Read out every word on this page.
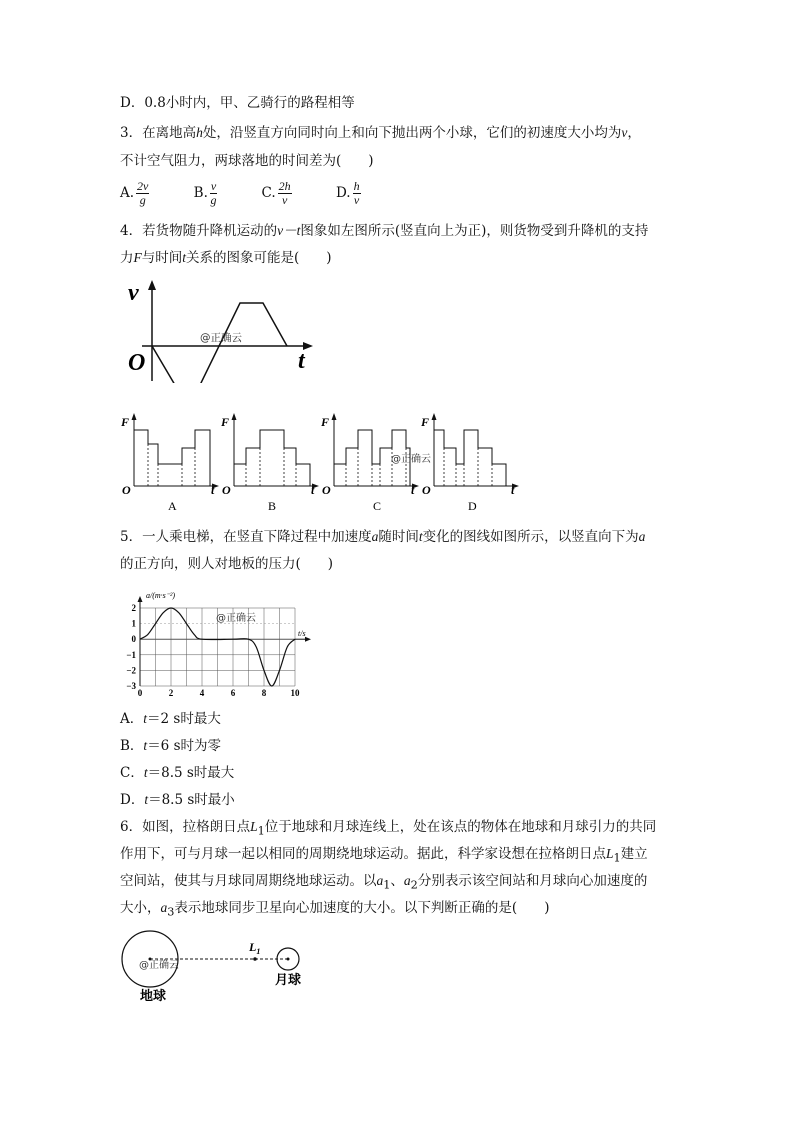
D．0.8小时内，甲、乙骑行的路程相等
3．在离地高h处，沿竖直方向同时向上和向下抛出两个小球，它们的初速度大小均为v，
不计空气阻力，两球落地的时间差为(　　)
A. $\frac{2v}{g}$	B. $\frac{v}{g}$	C. $\frac{2h}{v}$	D. $\frac{h}{v}$
4．若货物随升降机运动的v－t图象如左图所示(竖直向上为正)，则货物受到升降机的支持
力F与时间t关系的图象可能是(　　)
v
t
O
@正确云
F
O	t
A
F
O	t
B
F
O	t
C
@正确云
F
O	t
D
5．一人乘电梯，在竖直下降过程中加速度a随时间t变化的图线如图所示，以竖直向下为a
的正方向，则人对地板的压力(　　)
0	2	4	6	8	10
2
1
0
−1
−2
−3
a/(m·s⁻²)
t/s
@正确云
A．t＝2 s时最大
B．t＝6 s时为零
C．t＝8.5 s时最大
D．t＝8.5 s时最小
6．如图，拉格朗日点$L_1$位于地球和月球连线上，处在该点的物体在地球和月球引力的共同
作用下，可与月球一起以相同的周期绕地球运动。据此，科学家设想在拉格朗日点$L_1$建立
空间站，使其与月球同周期绕地球运动。以$a_1$、$a_2$分别表示该空间站和月球向心加速度的
大小，$a_3$表示地球同步卫星向心加速度的大小。以下判断正确的是(　　)
$L_1$
@正确云
地球
月球
